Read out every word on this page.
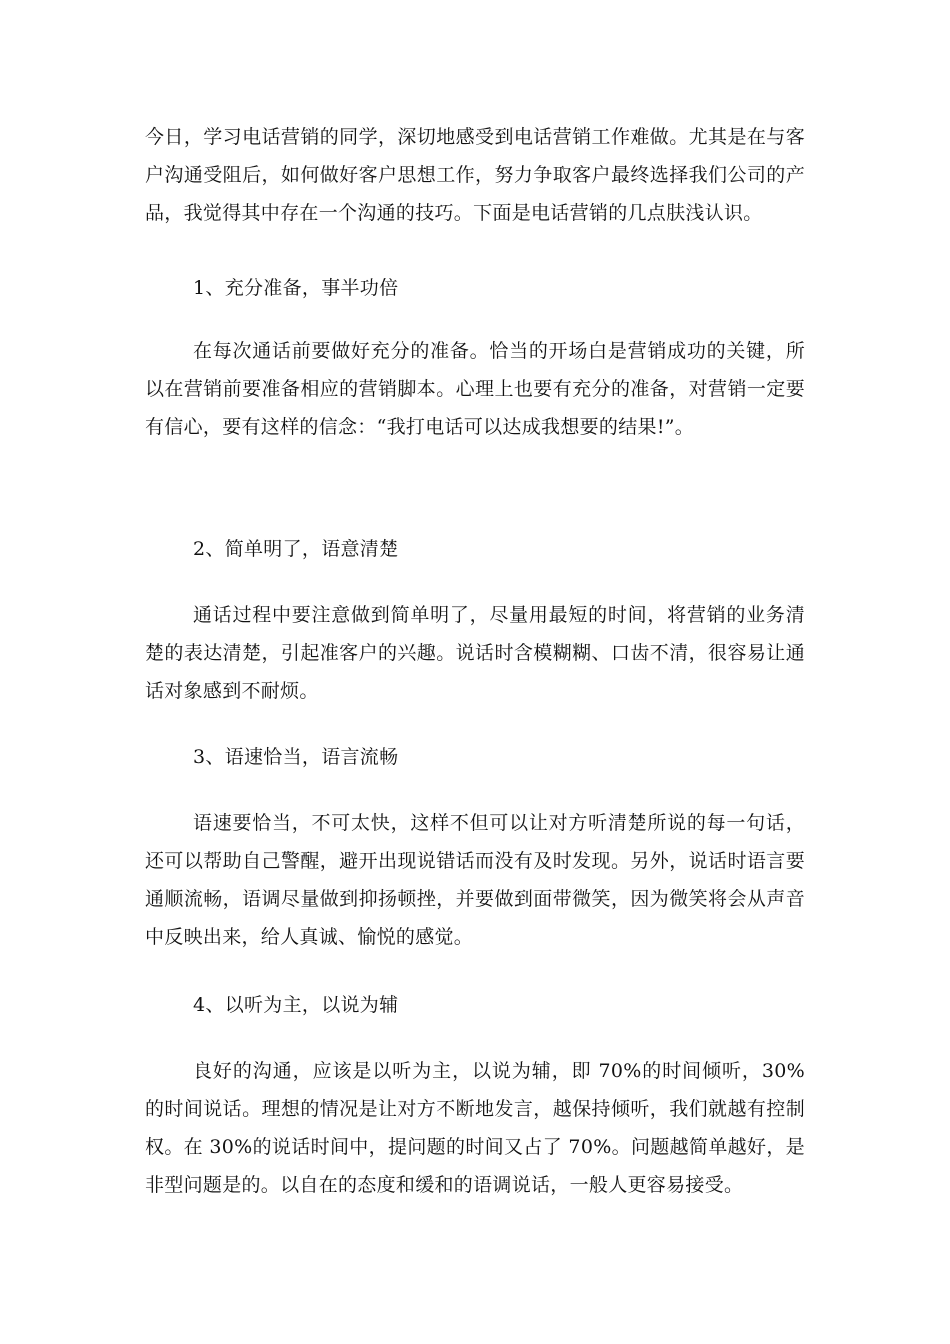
今日，学习电话营销的同学，深切地感受到电话营销工作难做。尤其是在与客户沟通受阻后，如何做好客户思想工作，努力争取客户最终选择我们公司的产品，我觉得其中存在一个沟通的技巧。下面是电话营销的几点肤浅认识。

1、充分准备，事半功倍

在每次通话前要做好充分的准备。恰当的开场白是营销成功的关键，所以在营销前要准备相应的营销脚本。心理上也要有充分的准备，对营销一定要有信心，要有这样的信念：“我打电话可以达成我想要的结果!”。

2、简单明了，语意清楚

通话过程中要注意做到简单明了，尽量用最短的时间，将营销的业务清楚的表达清楚，引起准客户的兴趣。说话时含模糊糊、口齿不清，很容易让通话对象感到不耐烦。

3、语速恰当，语言流畅

语速要恰当，不可太快，这样不但可以让对方听清楚所说的每一句话，还可以帮助自己警醒，避开出现说错话而没有及时发现。另外，说话时语言要通顺流畅，语调尽量做到抑扬顿挫，并要做到面带微笑，因为微笑将会从声音中反映出来，给人真诚、愉悦的感觉。

4、以听为主，以说为辅

良好的沟通，应该是以听为主，以说为辅，即 70%的时间倾听，30%的时间说话。理想的情况是让对方不断地发言，越保持倾听，我们就越有控制权。在 30%的说话时间中，提问题的时间又占了 70%。问题越简单越好，是非型问题是的。以自在的态度和缓和的语调说话，一般人更容易接受。
